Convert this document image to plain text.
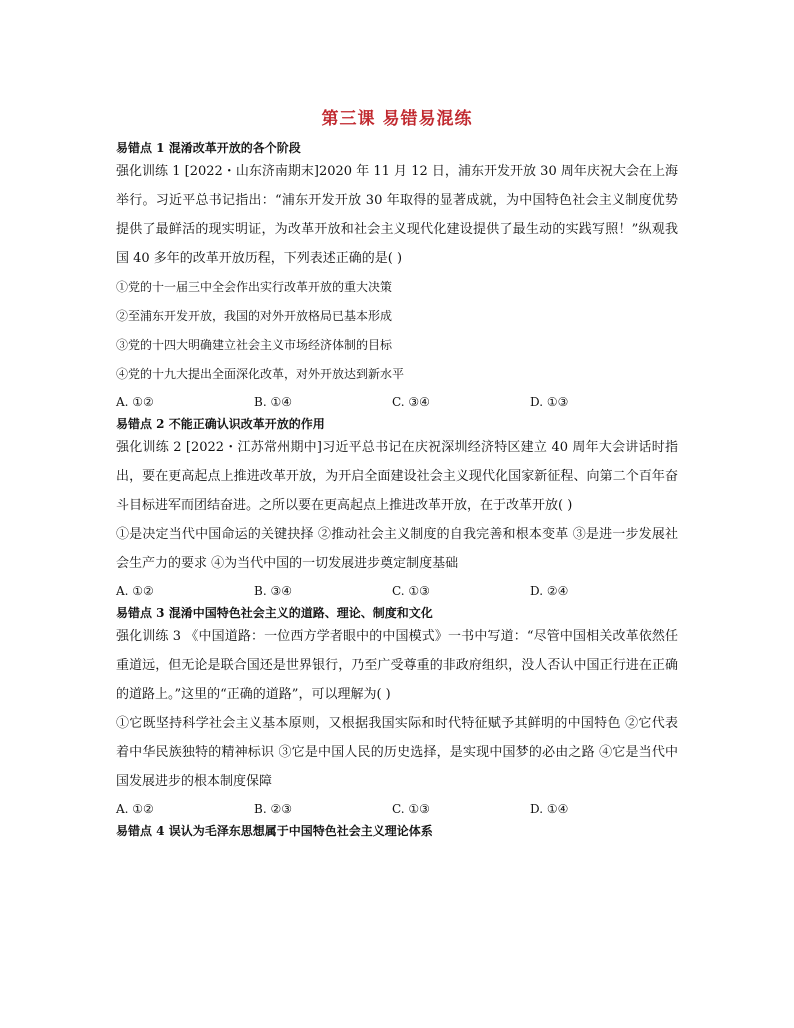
第三课 易错易混练

易错点 1 混淆改革开放的各个阶段

强化训练 1 [2022・山东济南期末]2020 年 11 月 12 日，浦东开发开放 30 周年庆祝大会在上海举行。习近平总书记指出：“浦东开发开放 30 年取得的显著成就，为中国特色社会主义制度优势提供了最鲜活的现实明证，为改革开放和社会主义现代化建设提供了最生动的实践写照！”纵观我国 40 多年的改革开放历程，下列表述正确的是( )

①党的十一届三中全会作出实行改革开放的重大决策

②至浦东开发开放，我国的对外开放格局已基本形成

③党的十四大明确建立社会主义市场经济体制的目标

④党的十九大提出全面深化改革，对外开放达到新水平

A. ①②	B. ①④	C. ③④	D. ①③

易错点 2 不能正确认识改革开放的作用

强化训练 2 [2022・江苏常州期中]习近平总书记在庆祝深圳经济特区建立 40 周年大会讲话时指出，要在更高起点上推进改革开放，为开启全面建设社会主义现代化国家新征程、向第二个百年奋斗目标进军而团结奋进。之所以要在更高起点上推进改革开放，在于改革开放( )

①是决定当代中国命运的关键抉择 ②推动社会主义制度的自我完善和根本变革 ③是进一步发展社会生产力的要求 ④为当代中国的一切发展进步奠定制度基础

A. ①②	B. ③④	C. ①③	D. ②④

易错点 3 混淆中国特色社会主义的道路、理论、制度和文化

强化训练 3 《中国道路：一位西方学者眼中的中国模式》一书中写道：“尽管中国相关改革依然任重道远，但无论是联合国还是世界银行，乃至广受尊重的非政府组织，没人否认中国正行进在正确的道路上。”这里的“正确的道路”，可以理解为( )

①它既坚持科学社会主义基本原则，又根据我国实际和时代特征赋予其鲜明的中国特色 ②它代表着中华民族独特的精神标识 ③它是中国人民的历史选择，是实现中国梦的必由之路 ④它是当代中国发展进步的根本制度保障

A. ①②	B. ②③	C. ①③	D. ①④

易错点 4 误认为毛泽东思想属于中国特色社会主义理论体系
